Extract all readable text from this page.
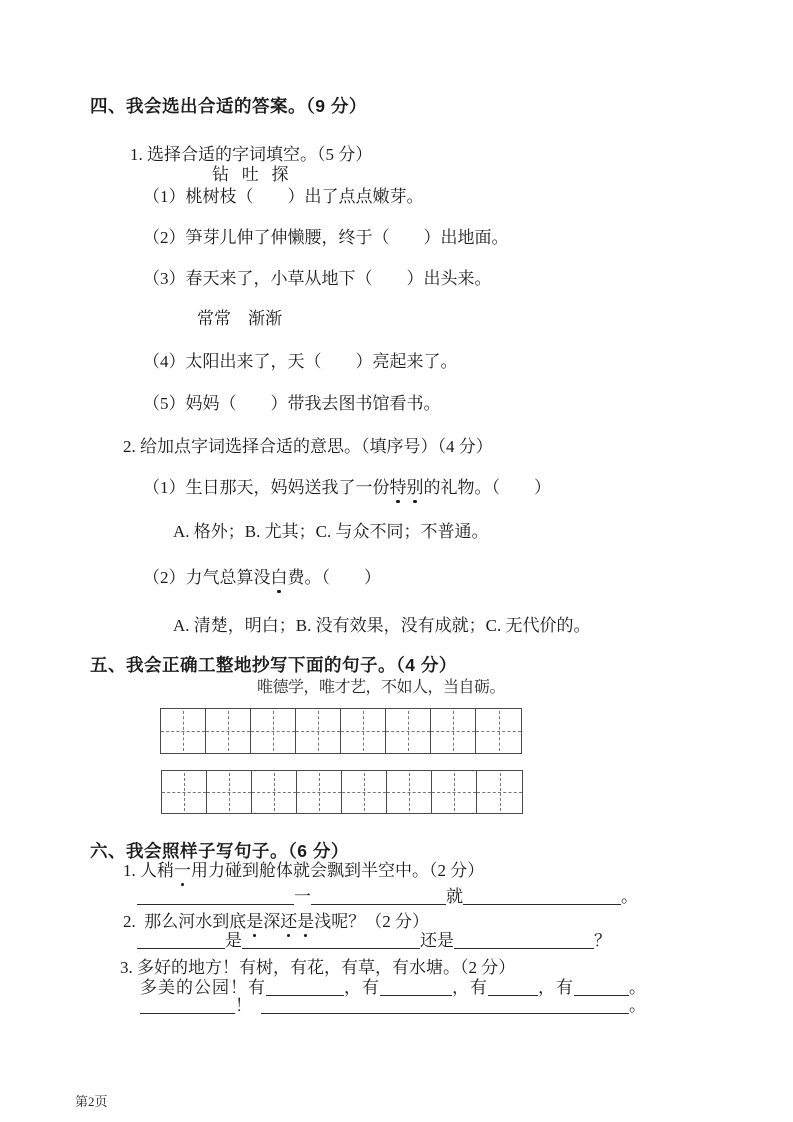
四、我会选出合适的答案。（9 分）
1. 选择合适的字词填空。（5 分）
钻   吐   探
（1）桃树枝（        ）出了点点嫩芽。
（2）笋芽儿伸了伸懒腰，终于（        ）出地面。
（3）春天来了，小草从地下（        ）出头来。
常常    渐渐
（4）太阳出来了，天（        ）亮起来了。
（5）妈妈（        ）带我去图书馆看书。
2. 给加点字词选择合适的意思。（填序号）（4 分）
（1）生日那天，妈妈送我了一份特别的礼物。（        ）
A. 格外；B. 尤其；C. 与众不同；不普通。
（2）力气总算没白费。（        ）
A. 清楚，明白；B. 没有效果，没有成就；C. 无代价的。
五、我会正确工整地抄写下面的句子。（4 分）
唯德学，唯才艺，不如人，当自砺。
六、我会照样子写句子。（6 分）
1. 人稍一用力碰到舱体就会飘到半空中。（2 分）
一	就	。
2.  那么河水到底是深还是浅呢？（2 分）
是	还是	？
3. 多好的地方！有树，有花，有草，有水塘。（2 分）
多美的公园！有	，有	，有	，有	。
！	。
第2页
